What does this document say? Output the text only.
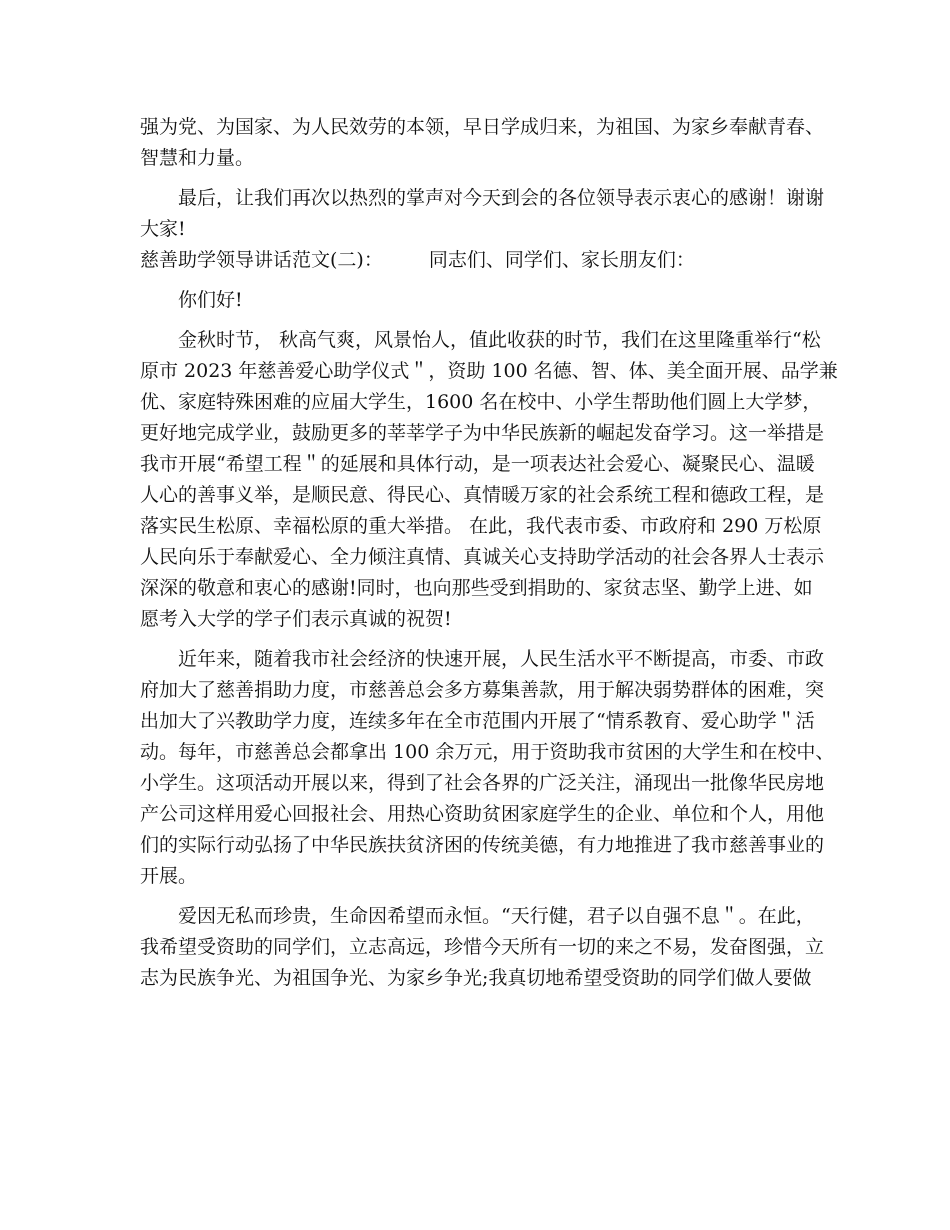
强为党、为国家、为人民效劳的本领，早日学成归来，为祖国、为家乡奉献青春、
智慧和力量。
最后，让我们再次以热烈的掌声对今天到会的各位领导表示衷心的感谢！谢谢
大家!
慈善助学领导讲话范文(二)： 同志们、同学们、家长朋友们：
你们好!
金秋时节， 秋高气爽，风景怡人，值此收获的时节，我们在这里隆重举行“松
原市 2023 年慈善爱心助学仪式＂，资助 100 名德、智、体、美全面开展、品学兼
优、家庭特殊困难的应届大学生，1600 名在校中、小学生帮助他们圆上大学梦，
更好地完成学业，鼓励更多的莘莘学子为中华民族新的崛起发奋学习。这一举措是
我市开展“希望工程＂的延展和具体行动，是一项表达社会爱心、凝聚民心、温暖
人心的善事义举，是顺民意、得民心、真情暖万家的社会系统工程和德政工程，是
落实民生松原、幸福松原的重大举措。 在此，我代表市委、市政府和 290 万松原
人民向乐于奉献爱心、全力倾注真情、真诚关心支持助学活动的社会各界人士表示
深深的敬意和衷心的感谢!同时，也向那些受到捐助的、家贫志坚、勤学上进、如
愿考入大学的学子们表示真诚的祝贺!
近年来，随着我市社会经济的快速开展，人民生活水平不断提高，市委、市政
府加大了慈善捐助力度，市慈善总会多方募集善款，用于解决弱势群体的困难，突
出加大了兴教助学力度，连续多年在全市范围内开展了“情系教育、爱心助学＂活
动。每年，市慈善总会都拿出 100 余万元，用于资助我市贫困的大学生和在校中、
小学生。这项活动开展以来，得到了社会各界的广泛关注，涌现出一批像华民房地
产公司这样用爱心回报社会、用热心资助贫困家庭学生的企业、单位和个人，用他
们的实际行动弘扬了中华民族扶贫济困的传统美德，有力地推进了我市慈善事业的
开展。
爱因无私而珍贵，生命因希望而永恒。“天行健，君子以自强不息＂。在此，
我希望受资助的同学们，立志高远，珍惜今天所有一切的来之不易，发奋图强，立
志为民族争光、为祖国争光、为家乡争光;我真切地希望受资助的同学们做人要做
